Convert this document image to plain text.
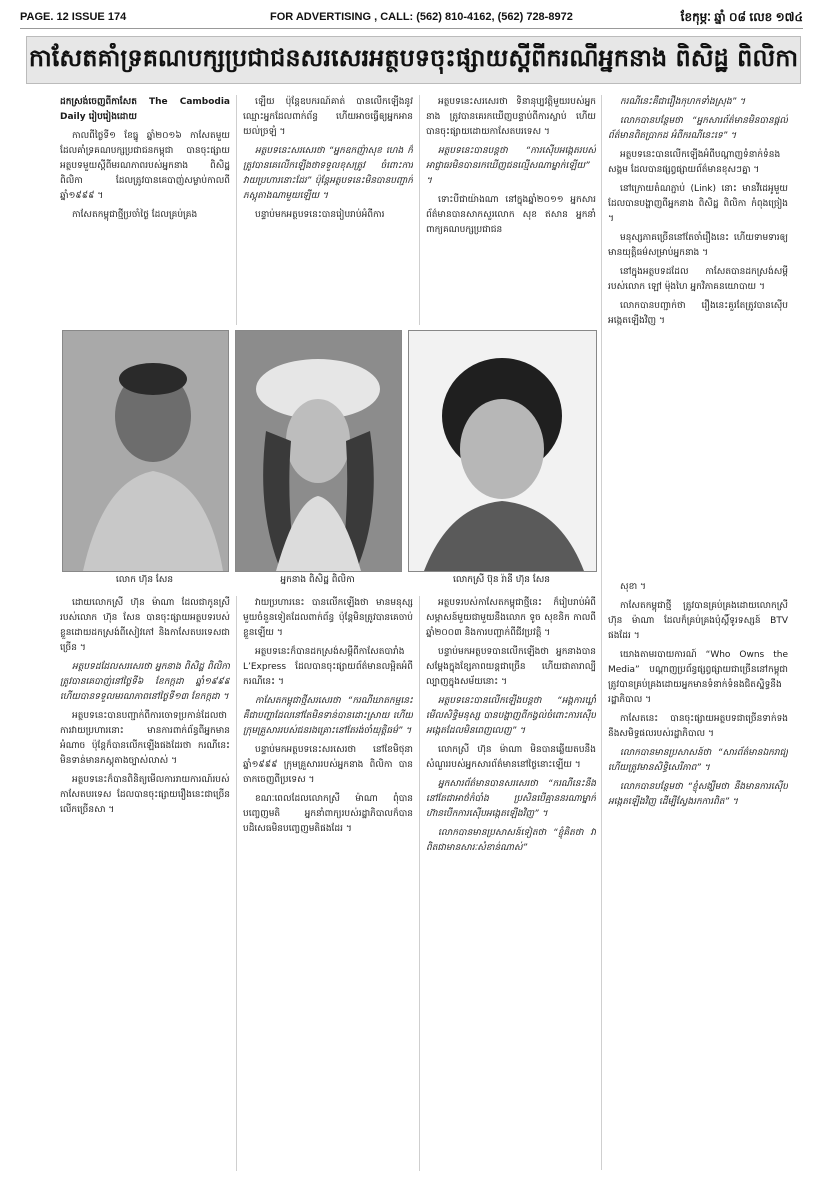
PAGE. 12 ISSUE 174	FOR ADVERTISING , CALL: (562) 810-4162, (562) 728-8972	ខែកុម្ភៈ ឆ្នាំ ០៨ លេខ ១៧៤
កាសែតគាំទ្រគណបក្សប្រជាជនសរសេរអត្ថបទចុះផ្សាយស្តីពីករណីអ្នកនាង ពិសិដ្ឋ ពិលិកា

ដកស្រង់ចេញពីកាសែត The Cambodia Daily រៀបរៀងដោយ

កាលពីថ្ងៃទី១ ខែធ្នូ ឆ្នាំ២០១៦ កាសែតមួយដែលគាំទ្រគណបក្សប្រជាជនកម្ពុជា បានចុះផ្សាយអត្ថបទមួយស្តីពីមរណភាពរបស់អ្នកនាង ពិសិដ្ឋ ពិលិកា ដែលត្រូវបានគេបាញ់សម្លាប់កាលពីឆ្នាំ១៩៩៩ ។

កាសែតកម្ពុជាថ្មីប្រចាំថ្ងៃ ដែលគ្រប់គ្រង

ឡើយ ប៉ុន្តែឧបករណ៍គាត់ បានលើកឡើងនូវឈ្មោះអ្នកដែលពាក់ព័ន្ធ ហើយអាចធ្វើឲ្យអ្នកអានយល់ច្រឡំ ។

អត្ថបទនេះសរសេរថា “អ្នកឧកញ៉ាសុខ ហេង ក៏ត្រូវបានគេលើកឡើងថាទទួលខុសត្រូវ ចំពោះការវាយប្រហារនោះដែរ” ប៉ុន្តែអត្ថបទនេះមិនបានបញ្ជាក់ភស្តុតាងណាមួយឡើយ ។

បន្ទាប់មកអត្ថបទនេះបានរៀបរាប់អំពីការ

អត្ថបទនេះសរសេរថា ទិនានុប្បវត្តិមួយរបស់អ្នកនាង ត្រូវបានគេរកឃើញបន្ទាប់ពីការស្លាប់ ហើយបានចុះផ្សាយដោយកាសែតបរទេស ។

អត្ថបទនេះបានបន្តថា “ការស៊ើបអង្កេតរបស់អាជ្ញាធរមិនបានរកឃើញជនល្មើសណាម្នាក់ឡើយ” ។

ទោះបីជាយ៉ាងណា នៅក្នុងឆ្នាំ២០១១ អ្នកសារព័ត៌មានបានសាកសួរលោក សុខ ឥសាន អ្នកនាំពាក្យគណបក្សប្រជាជន

ករណីនេះគឺជារឿងកុហកទាំងស្រុង” ។

លោកបានបន្ថែមថា “អ្នកសារព័ត៌មានមិនបានផ្តល់ព័ត៌មានពិតប្រាកដ អំពីករណីនេះទេ” ។

អត្ថបទនេះបានលើកឡើងអំពីបណ្តាញទំនាក់ទំនងសង្គម ដែលបានផ្សព្វផ្សាយព័ត៌មានខុសៗគ្នា ។

នៅក្រោយតំណភ្ជាប់ (Link) នោះ មានវីដេអូមួយដែលបានបង្ហាញពីអ្នកនាង ពិសិដ្ឋ ពិលិកា កំពុងច្រៀង ។

មនុស្សភាគច្រើននៅតែចាំរឿងនេះ ហើយទាមទារឲ្យមានយុត្តិធម៌សម្រាប់អ្នកនាង ។

នៅក្នុងអត្ថបទដដែល កាសែតបានដកស្រង់សម្តីរបស់លោក ឡៅ ម៉ុងហៃ អ្នកវិភាគនយោបាយ ។

លោកបានបញ្ជាក់ថា រឿងនេះគួរតែត្រូវបានស៊ើបអង្កេតឡើងវិញ ។

លោក ហ៊ុន សែន	អ្នកនាង ពិសិដ្ឋ ពិលិកា	លោកស្រី ប៊ុន រ៉ានី ហ៊ុន សែន

ដោយលោកស្រី ហ៊ុន ម៉ាណា ដែលជាកូនស្រីរបស់លោក ហ៊ុន សែន បានចុះផ្សាយអត្ថបទរបស់ខ្លួនដោយដកស្រង់ពីសៀវភៅ និងកាសែតបរទេសជាច្រើន ។

អត្ថបទដដែលសរសេរថា អ្នកនាង ពិសិដ្ឋ ពិលិកា ត្រូវបានគេបាញ់នៅថ្ងៃទី៦ ខែកក្កដា ឆ្នាំ១៩៩៩ ហើយបានទទួលមរណភាពនៅថ្ងៃទី១៣ ខែកក្កដា ។

អត្ថបទនេះបានបញ្ជាក់ពីការចោទប្រកាន់ដែលថា ការវាយប្រហារនោះ មានការពាក់ព័ន្ធពីអ្នកមានអំណាច ប៉ុន្តែក៏បានលើកឡើងផងដែរថា ករណីនេះមិនទាន់មានភស្តុតាងច្បាស់លាស់ ។

អត្ថបទនេះក៏បានពិនិត្យមើលការរាយការណ៍របស់កាសែតបរទេស ដែលបានចុះផ្សាយរឿងនេះជាច្រើនលើកច្រើនសា ។

វាយប្រហារនេះ បានលើកឡើងថា មានមនុស្សមួយចំនួនទៀតដែលពាក់ព័ន្ធ ប៉ុន្តែមិនត្រូវបានគេចាប់ខ្លួនឡើយ ។

អត្ថបទនេះក៏បានដកស្រង់សម្តីពីកាសែតបារាំង L’Express ដែលបានចុះផ្សាយព័ត៌មានលម្អិតអំពីករណីនេះ ។

កាសែតកម្ពុជាថ្មីសរសេរថា “ករណីឃាតកម្មនេះ គឺជាបញ្ហាដែលនៅតែមិនទាន់បានដោះស្រាយ ហើយក្រុមគ្រួសាររបស់ជនរងគ្រោះនៅតែរង់ចាំយុត្តិធម៌” ។

បន្ទាប់មកអត្ថបទនេះសរសេរថា នៅខែមិថុនា ឆ្នាំ១៩៩៩ ក្រុមគ្រួសាររបស់អ្នកនាង ពិលិកា បានចាកចេញពីប្រទេស ។

ខណៈពេលដែលលោកស្រី ម៉ាណា ពុំបានបញ្ចេញមតិ អ្នកនាំពាក្យរបស់រដ្ឋាភិបាលក៏បានបដិសេធមិនបញ្ចេញមតិផងដែរ ។

អត្ថបទរបស់កាសែតកម្ពុជាថ្មីនេះ ក៏រៀបរាប់អំពីសម្ភាសន៍មួយជាមួយនឹងលោក ទូច សុខនិក កាលពីឆ្នាំ២០០៣ និងការបញ្ជាក់ពីជីវប្រវត្តិ ។

បន្ទាប់មកអត្ថបទបានលើកឡើងថា អ្នកនាងបានសម្តែងក្នុងខ្សែភាពយន្តជាច្រើន ហើយជាតារាល្បីល្បាញក្នុងសម័យនោះ ។

អត្ថបទនេះបានលើកឡើងបន្តថា “អង្គការឃ្លាំមើលសិទ្ធិមនុស្ស បានបង្ហាញពីកង្វល់ចំពោះការស៊ើបអង្កេតដែលមិនពេញលេញ” ។

លោកស្រី ហ៊ុន ម៉ាណា មិនបានឆ្លើយតបនឹងសំណួររបស់អ្នកសារព័ត៌មាននៅថ្ងៃនោះឡើយ ។

អ្នកសារព័ត៌មានបានសរសេរថា “ករណីនេះនឹងនៅតែជាអាថ៌កំបាំង ប្រសិនបើគ្មាននរណាម្នាក់ហ៊ានបើកការស៊ើបអង្កេតឡើងវិញ” ។

លោកបានមានប្រសាសន៍ទៀតថា “ខ្ញុំគិតថា វាពិតជាមានសារៈសំខាន់ណាស់”

សុខា ។

កាសែតកម្ពុជាថ្មី ត្រូវបានគ្រប់គ្រងដោយលោកស្រី ហ៊ុន ម៉ាណា ដែលក៏គ្រប់គ្រងប៉ុស្តិ៍ទូរទស្សន៍ BTV ផងដែរ ។

យោងតាមរបាយការណ៍ “Who Owns the Media” បណ្តាញប្រព័ន្ធផ្សព្វផ្សាយជាច្រើននៅកម្ពុជា ត្រូវបានគ្រប់គ្រងដោយអ្នកមានទំនាក់ទំនងជិតស្និទ្ធនឹងរដ្ឋាភិបាល ។

កាសែតនេះ បានចុះផ្សាយអត្ថបទជាច្រើនទាក់ទងនឹងសមិទ្ធផលរបស់រដ្ឋាភិបាល ។

លោកបានមានប្រសាសន៍ថា “សារព័ត៌មានឯករាជ្យ ហើយត្រូវមានសិទ្ធិសេរីភាព” ។

លោកបានបន្ថែមថា “ខ្ញុំសង្ឃឹមថា នឹងមានការស៊ើបអង្កេតឡើងវិញ ដើម្បីស្វែងរកការពិត” ។
